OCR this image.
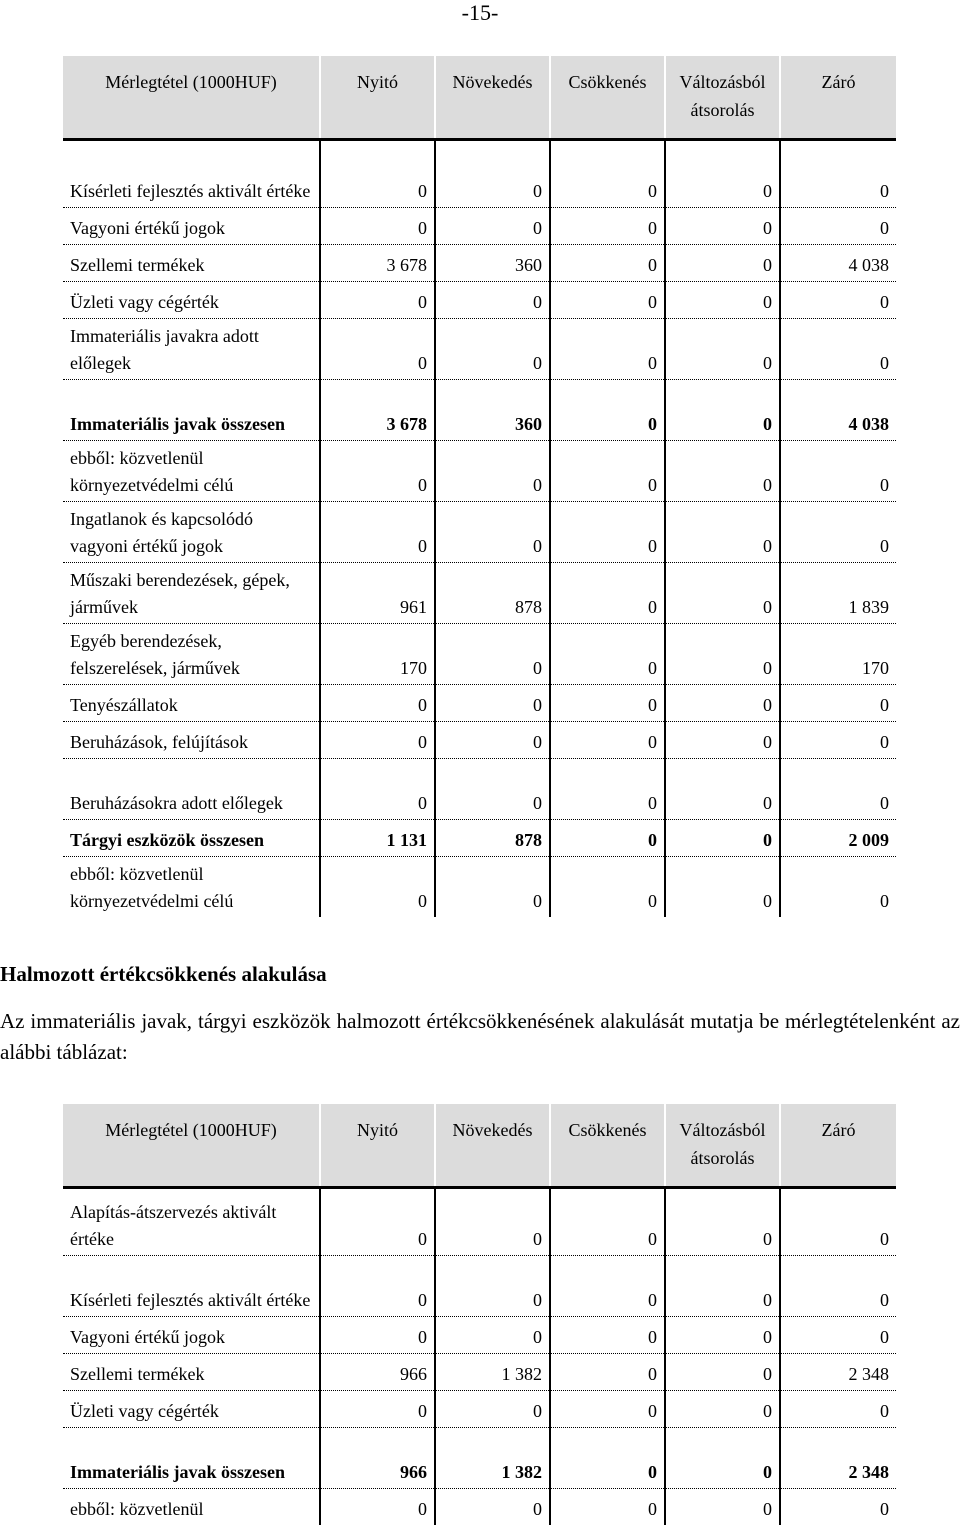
-15-
Mérlegtétel (1000HUF)	Nyitó	Növekedés	Csökkenés	Változásból átsorolás	Záró
Kísérleti fejlesztés aktivált értéke	0	0	0	0	0
Vagyoni értékű jogok	0	0	0	0	0
Szellemi termékek	3 678	360	0	0	4 038
Üzleti vagy cégérték	0	0	0	0	0
Immateriális javakra adott előlegek	0	0	0	0	0
Immateriális javak összesen	3 678	360	0	0	4 038
ebből: közvetlenül környezetvédelmi célú	0	0	0	0	0
Ingatlanok és kapcsolódó vagyoni értékű jogok	0	0	0	0	0
Műszaki berendezések, gépek, járművek	961	878	0	0	1 839
Egyéb berendezések, felszerelések, járművek	170	0	0	0	170
Tenyészállatok	0	0	0	0	0
Beruházások, felújítások	0	0	0	0	0
Beruházásokra adott előlegek	0	0	0	0	0
Tárgyi eszközök összesen	1 131	878	0	0	2 009
ebből: közvetlenül környezetvédelmi célú	0	0	0	0	0
Halmozott értékcsökkenés alakulása

Az immateriális javak, tárgyi eszközök halmozott értékcsökkenésének alakulását mutatja be mérlegtételenként az alábbi táblázat:

Mérlegtétel (1000HUF)	Nyitó	Növekedés	Csökkenés	Változásból átsorolás	Záró
Alapítás-átszervezés aktivált értéke	0	0	0	0	0
Kísérleti fejlesztés aktivált értéke	0	0	0	0	0
Vagyoni értékű jogok	0	0	0	0	0
Szellemi termékek	966	1 382	0	0	2 348
Üzleti vagy cégérték	0	0	0	0	0
Immateriális javak összesen	966	1 382	0	0	2 348
ebből: közvetlenül	0	0	0	0	0
